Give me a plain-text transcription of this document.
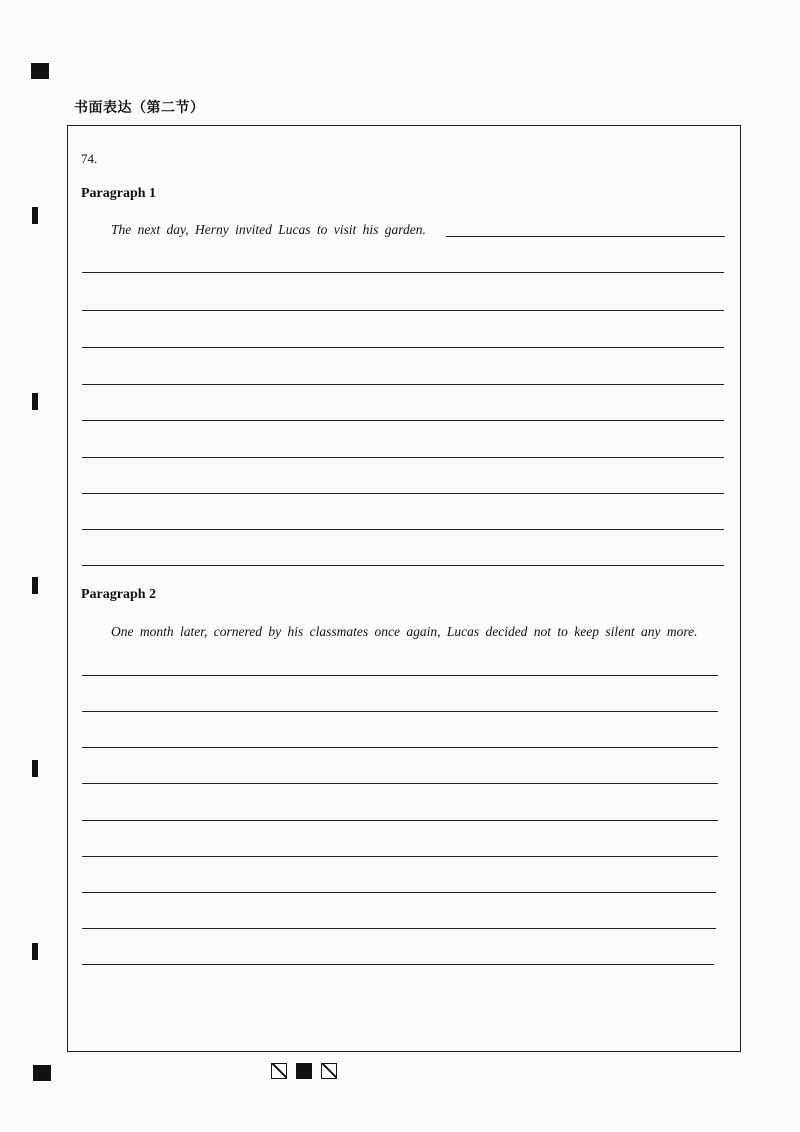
书面表达（第二节）
74.
Paragraph 1
The next day, Herny invited Lucas to visit his garden.
Paragraph 2
One month later, cornered by his classmates once again, Lucas decided not to keep silent any more.
